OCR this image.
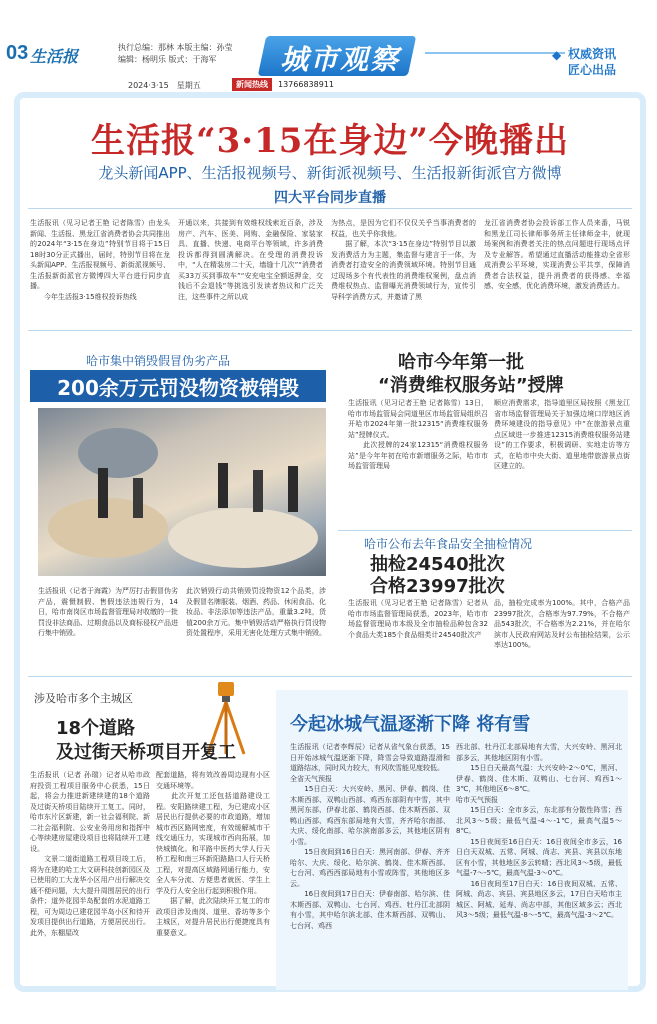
03 生活报	执行总编：那林 本版主编：孙莹
编辑：杨明乐 版式：于海军	城市观察	◆ 权威资讯
匠心出品
2024·3·15　星期五	新闻热线	13766838911
生活报“3·15在身边”今晚播出
龙头新闻APP、生活报视频号、新街派视频号、生活报新街派官方微博
四大平台同步直播
生活报讯（见习记者王艳 记者陈雪）由龙头新闻、生活报、黑龙江省消费者协会共同推出的2024年“3·15在身边”特别节目将于15日18时30分正式播出，届时，特别节目将在龙头新闻APP、生活报视频号、新街派视频号、生活报新街派官方微博四大平台进行同步直播。
　　今年生活报3·15维权投诉热线
开通以来，共接到有效维权线索近百条，涉及房产、汽车、医美、网购、金融保险、家装家具、直播、快递、电商平台等领域，许多消费投诉都得到圆满解决。在受理的消费投诉中，“人在精装房二十天，墙缝十几次”“消费者买33万买到事故车”“安充电宝全额返押金，交钱后不会退钱”等挑选引发读者热议和广泛关注，这些事件之所以成
为热点，是因为它们不仅仅关乎当事消费者的权益，也关乎你我他。
　　据了解，本次“3·15在身边”特别节目以激发消费活力为主题，集监督与建言于一体，为消费者打造安全的消费领域环境。特别节目通过现场多个有代表性的消费维权案例，盘点消费维权热点、监督曝光消费领域行为，宣传引导科学消费方式，并邀请了黑
龙江省消费者协会投诉部工作人员来番，马锐和黑龙江司长律师事务所主任律师金丰，就现场案例和消费者关注的热点问题进行现场点评及专业解答。希望通过直播活动能推动全省形成消费公平环境，实现消费公平共享，保障消费者合法权益，提升消费者的获得感、幸福感、安全感，优化消费环境，激发消费活力。
哈市集中销毁假冒伪劣产品
200余万元罚没物资被销毁
生活报讯（记者于海霞）为严厉打击假冒伪劣产品，震慑制假、售假违法违规行为，14日，哈市南岗区市场监督管理局对收缴的一批罚没非法商品、过期食品以及商标侵权产品进行集中销毁。
此次销毁行动共销毁罚没物资12个品类，涉及假冒名牌服装、烟酒、药品、休闲食品、化妆品、非法添加等违法产品，重量3.2吨，货值200余万元。集中销毁活动严格执行罚没物资处置程序，采用无害化处理方式集中销毁。
哈市今年第一批
“消费维权服务站”授牌
生活报讯（见习记者王艳 记者陈雪）13日，哈市市场监管局会同道里区市场监管局组织召开哈市2024年第一批12315“消费维权服务站”授牌仪式。
　　此次授牌的24家12315“消费维权服务站”是今年年初在哈市新增服务之际，哈市市场监管管理局
顺应消费需求，指导道里区局按照《黑龙江省市场监督管理局关于加强边境口岸地区消费环境建设的指导意见》中“在旅游景点重点区域进一步推进12315消费维权服务站建设”的工作要求，积极调研、实地走访等方式，在哈市中央大街、道里地带旅游景点街区建立的。
哈市公布去年食品安全抽检情况
抽检24540批次
合格23997批次
生活报讯（见习记者王艳 记者陈雪）记者从哈市市场监督管理局获悉，2023年，哈市市场监督管理局市本级及全市抽检品种包含32个食品大类185个食品细类计24540批次产
品，抽检完成率为100%。其中，合格产品23997批次，合格率为97.79%，不合格产品543批次，不合格率为2.21%，并在哈尔滨市人民政府网站及时公布抽检结果，公示率达100%。
涉及哈市多个主城区
18个道路
及过街天桥项目开复工
生活报讯（记者 孙瑞）记者从哈市政府投资工程项目服务中心获悉，15日起，将会力推进新建续建的18个道路及过街天桥项目陆续开工复工。同时，哈市东片区新建，新一社会福利院、新二社会福利院、公安业务用房和指挥中心等续建房屋建设项目也将陆续开工建设。
　　文景二道街道路工程项目竣工后，将为在建的哈工大文研科技创新园区及已使用的工大龙华小区用户出行解决交通不便问题，大大提升周围居民的出行条件；道外花园半岛配套的水泥道路工程，可为周边已建花园半岛小区和待开发项目提供出行道路，方便居民出行。此外，东棚屋改
配套道路，将有效改善周边现有小区交通环境等。
　　此次开复工还包括道路建设工程。安阳路续建工程，为已建成小区居民出行提供必要的市政道路，增加城市西区路网密度，有效缓解城市干线交通压力，实现城市西向拓展，加快城镇化。和平路中医药大学人行天桥工程和南三环新阳路路口人行天桥工程，对提高区域路网通行能力，安全人车分流、方便患者就医、学生上学及行人安全出行起到积极作用。
　　据了解，此次陆续开工复工的市政项目涉及南岗、道里、香坊等多个主城区，对提升居民出行便捷度具有重要意义。
今起冰城气温逐渐下降 将有雪
生活报讯（记者李辉辰）记者从省气象台获悉，15日开始冰城气温逐渐下降，降雪会导致道路湿滑和道路结冰，同时风力较大，有风吹雪能见度较低。
全省天气预报
　　15日白天：大兴安岭、黑河、伊春、鹤岗、佳木斯西部、双鸭山西部、鸡西东部阴有中雪，其中黑河东部、伊春北部、鹤岗西部、佳木斯西部、双鸭山西部、鸡西东部局地有大雪，齐齐哈尔南部、大庆、绥化南部、哈尔滨南部多云，其他地区阴有小雪。
　　15日夜间到16日白天：黑河南部、伊春、齐齐哈尔、大庆、绥化、哈尔滨、鹤岗、佳木斯西部、七台河、鸡西西部局地有小雪或阵雪，其他地区多云。
　　16日夜间到17日白天：伊春南部、哈尔滨、佳木斯西部、双鸭山、七台河、鸡西、牡丹江北部阴有小雪，其中哈尔滨北部、佳木斯西部、双鸭山、七台河、鸡西
西北部、牡丹江北部局地有大雪，大兴安岭、黑河北部多云，其他地区阴有小雪。
　　15日白天最高气温：大兴安岭-2～0℃，黑河、伊春、鹤岗、佳木斯、双鸭山、七台河、鸡西1～3℃，其他地区6～8℃。
哈市天气预报
　　15日白天：全市多云，东北部有分散性阵雪；西北风3～5级；最低气温-4～-1℃，最高气温5～8℃。
　　15日夜间至16日白天：16日夜间全市多云，16日白天双城、五常、阿城、尚志、宾县、宾县以东地区有小雪，其他地区多云转晴；西北风3～5级，最低气温-7～-5℃，最高气温-3～0℃。
　　16日夜间至17日白天：16日夜间双城、五常、阿城、尚志、宾县、宾县地区多云，17日白天哈市主城区、阿城、延寿、尚志中部，其他区域多云；西北风3～5级；最低气温-8～-5℃，最高气温-3～2℃。
